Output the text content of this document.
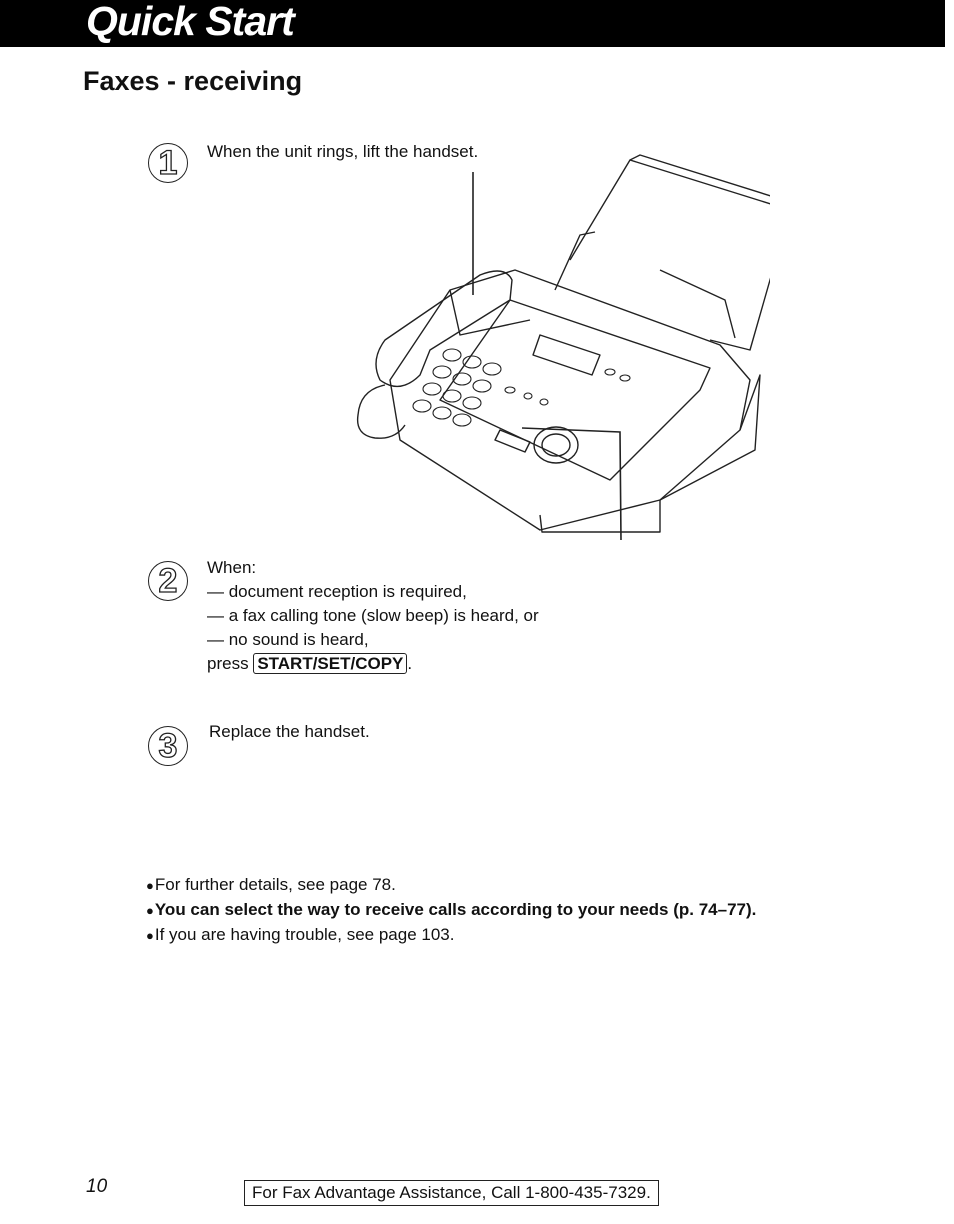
Quick Start
Faxes - receiving
1	When the unit rings, lift the handset.
2	When:
— document reception is required,
— a fax calling tone (slow beep) is heard, or
— no sound is heard,
press START/SET/COPY .
3	Replace the handset.
●For further details, see page 78.
●You can select the way to receive calls according to your needs (p. 74–77).
●If you are having trouble, see page 103.
10	For Fax Advantage Assistance, Call 1-800-435-7329.
